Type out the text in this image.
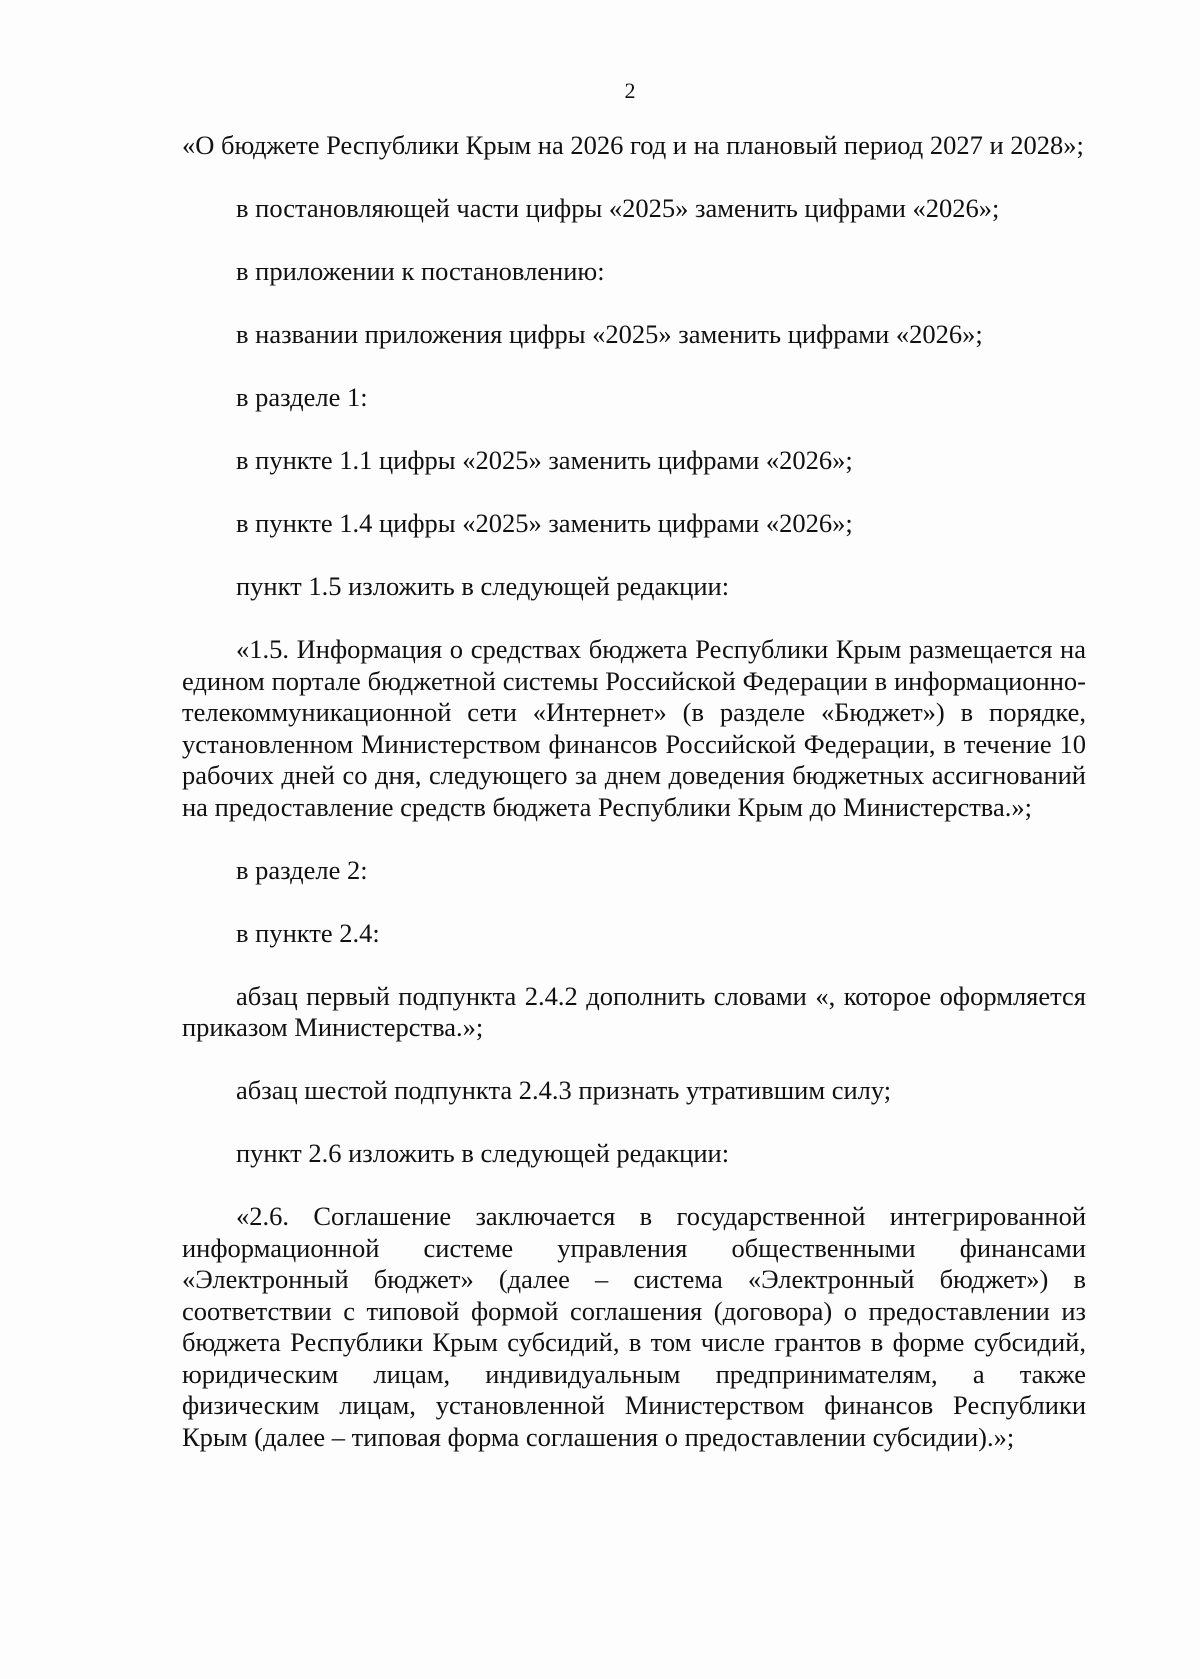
2

«О бюджете Республики Крым на 2026 год и на плановый период 2027 и 2028»;

в постановляющей части цифры «2025» заменить цифрами «2026»;

в приложении к постановлению:

в названии приложения цифры «2025» заменить цифрами «2026»;

в разделе 1:

в пункте 1.1 цифры «2025» заменить цифрами «2026»;

в пункте 1.4 цифры «2025» заменить цифрами «2026»;

пункт 1.5 изложить в следующей редакции:

«1.5. Информация о средствах бюджета Республики Крым размещается на едином портале бюджетной системы Российской Федерации в информационно-телекоммуникационной сети «Интернет» (в разделе «Бюджет») в порядке, установленном Министерством финансов Российской Федерации, в течение 10 рабочих дней со дня, следующего за днем доведения бюджетных ассигнований на предоставление средств бюджета Республики Крым до Министерства.»;

в разделе 2:

в пункте 2.4:

абзац первый подпункта 2.4.2 дополнить словами «, которое оформляется приказом Министерства.»;

абзац шестой подпункта 2.4.3 признать утратившим силу;

пункт 2.6 изложить в следующей редакции:

«2.6. Соглашение заключается в государственной интегрированной информационной системе управления общественными финансами «Электронный бюджет» (далее – система «Электронный бюджет») в соответствии с типовой формой соглашения (договора) о предоставлении из бюджета Республики Крым субсидий, в том числе грантов в форме субсидий, юридическим лицам, индивидуальным предпринимателям, а также физическим лицам, установленной Министерством финансов Республики Крым (далее – типовая форма соглашения о предоставлении субсидии).»;
